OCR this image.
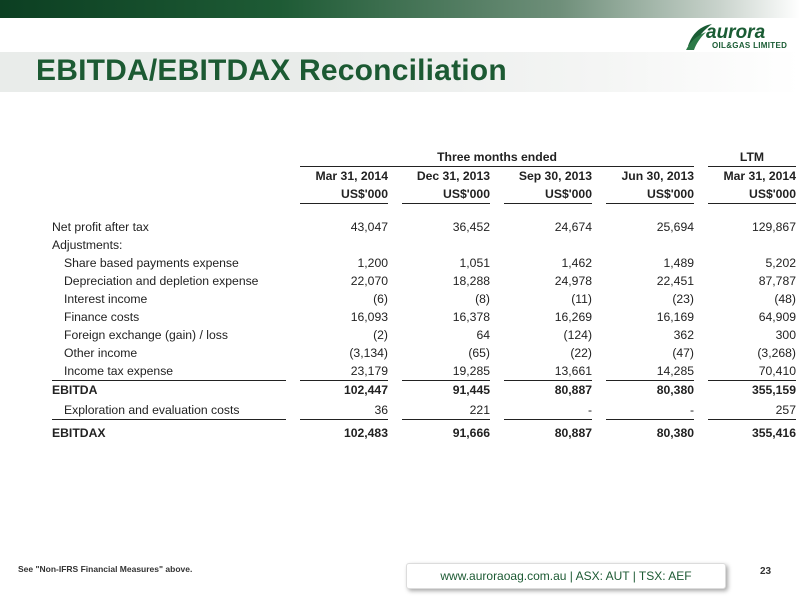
aurora
OIL&GAS LIMITED
EBITDA/EBITDAX Reconciliation
		Three months ended								LTM
		Mar 31, 2014		Dec 31, 2013		Sep 30, 2013		Jun 30, 2013		Mar 31, 2014
		US$'000		US$'000		US$'000		US$'000		US$'000

Net profit after tax		43,047		36,452		24,674		25,694		129,867
Adjustments:										
Share based payments expense		1,200		1,051		1,462		1,489		5,202
Depreciation and depletion expense		22,070		18,288		24,978		22,451		87,787
Interest income		(6)		(8)		(11)		(23)		(48)
Finance costs		16,093		16,378		16,269		16,169		64,909
Foreign exchange (gain) / loss		(2)		64		(124)		362		300
Other income		(3,134)		(65)		(22)		(47)		(3,268)
Income tax expense		23,179		19,285		13,661		14,285		70,410
EBITDA		102,447		91,445		80,887		80,380		355,159

Exploration and evaluation costs		36		221		-		-		257

EBITDAX		102,483		91,666		80,887		80,380		355,416
See "Non-IFRS Financial Measures" above.	www.auroraoag.com.au | ASX: AUT | TSX: AEF	23
